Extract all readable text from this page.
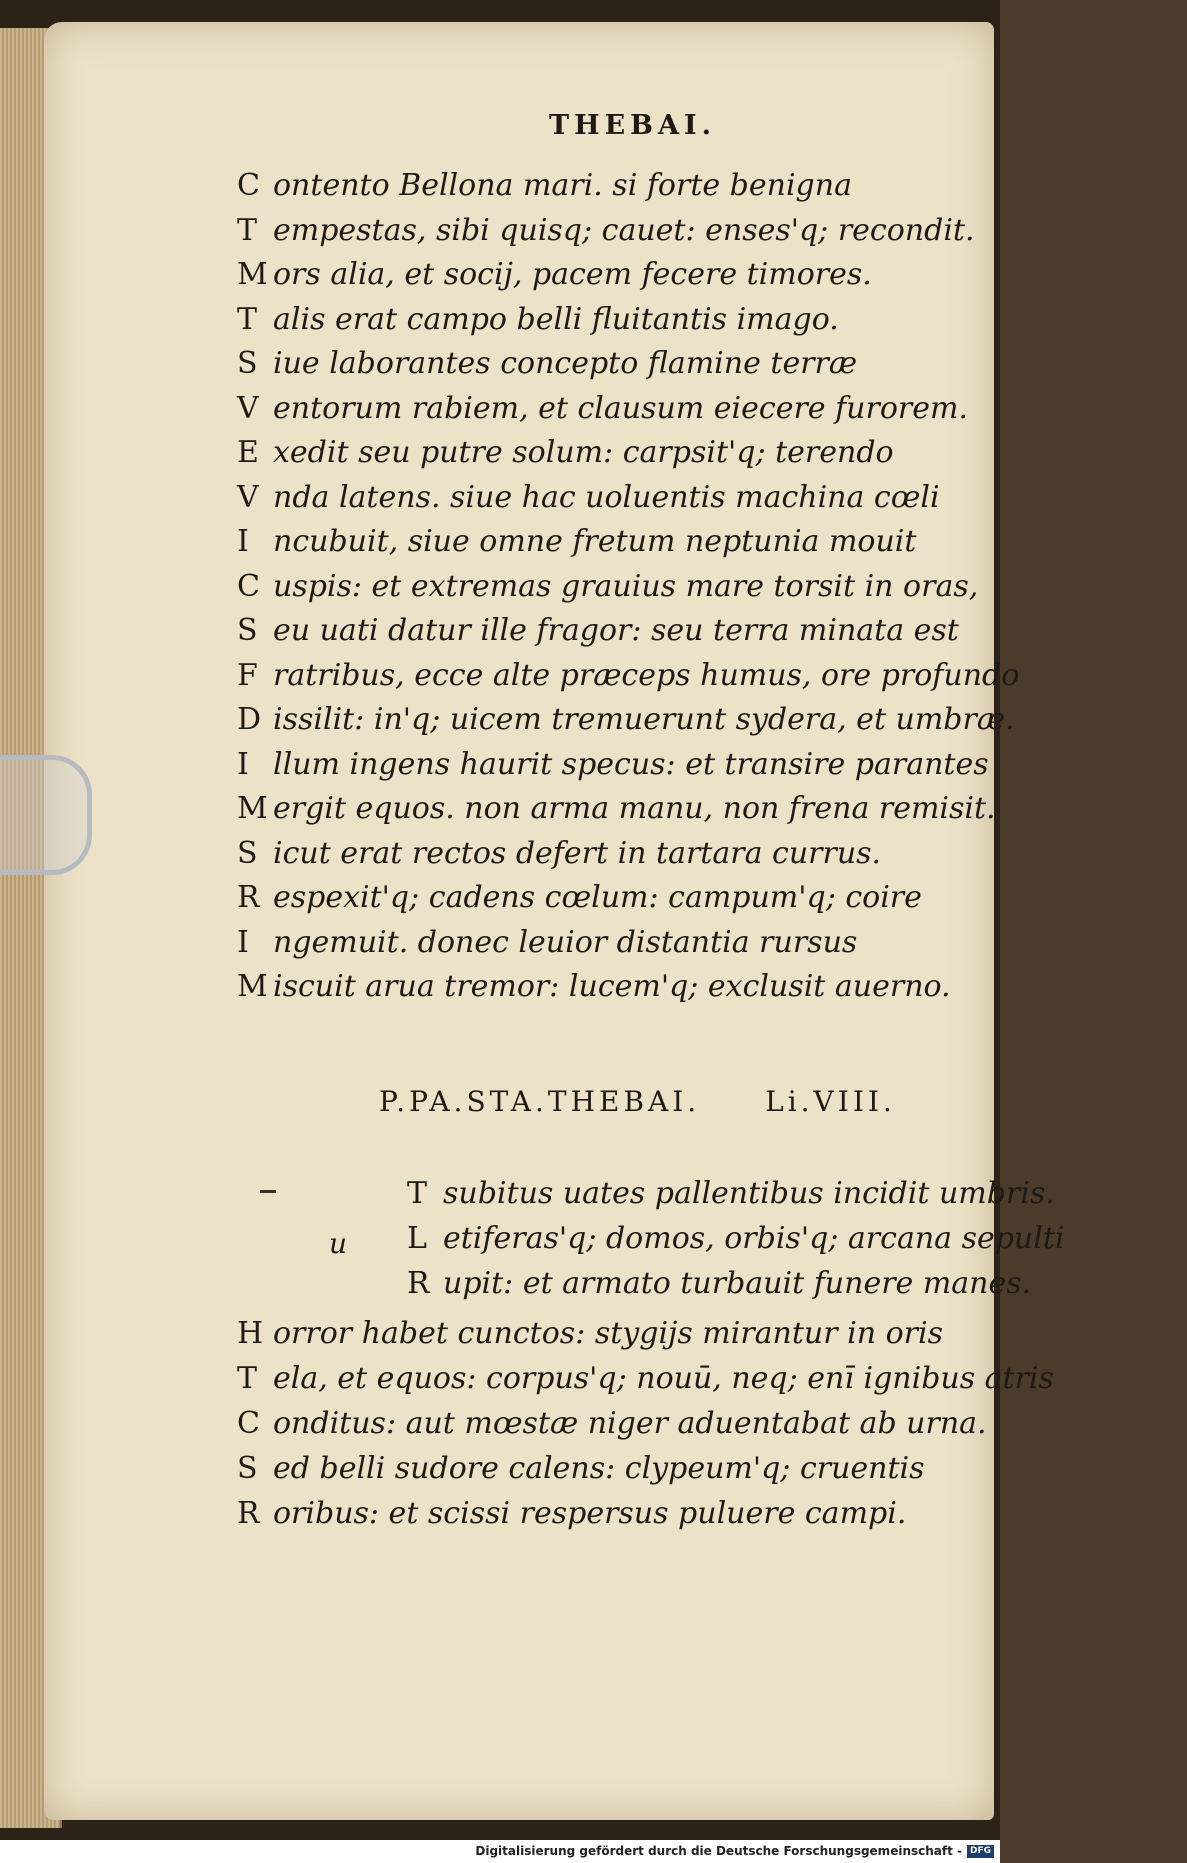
THEBAI.
C ontento Bellona mari. si forte benigna
T empestas, sibi quisq; cauet: enses'q; recondit.
M ors alia, et socij, pacem fecere timores.
T alis erat campo belli fluitantis imago.
S iue laborantes concepto flamine terræ
V entorum rabiem, et clausum eiecere furorem.
E xedit seu putre solum: carpsit'q; terendo
V nda latens. siue hac uoluentis machina cœli
I ncubuit, siue omne fretum neptunia mouit
C uspis: et extremas grauius mare torsit in oras,
S eu uati datur ille fragor: seu terra minata est
F ratribus, ecce alte præceps humus, ore profundo
D issilit: in'q; uicem tremuerunt sydera, et umbræ.
I llum ingens haurit specus: et transire parantes
M ergit equos. non arma manu, non frena remisit.
S icut erat rectos defert in tartara currus.
R espexit'q; cadens cœlum: campum'q; coire
I ngemuit. donec leuior distantia rursus
M iscuit arua tremor: lucem'q; exclusit auerno.
P.PA.STA.THEBAI. Li.VIII.
u
T subitus uates pallentibus incidit umbris.
L etiferas'q; domos, orbis'q; arcana sepulti
R upit: et armato turbauit funere manes.
H orror habet cunctos: stygijs mirantur in oris
T ela, et equos: corpus'q; nouū, neq; enī ignibus atris
C onditus: aut mœstæ niger aduentabat ab urna.
S ed belli sudore calens: clypeum'q; cruentis
R oribus: et scissi respersus puluere campi.
Digitalisierung gefördert durch die Deutsche Forschungsgemeinschaft - DFG
